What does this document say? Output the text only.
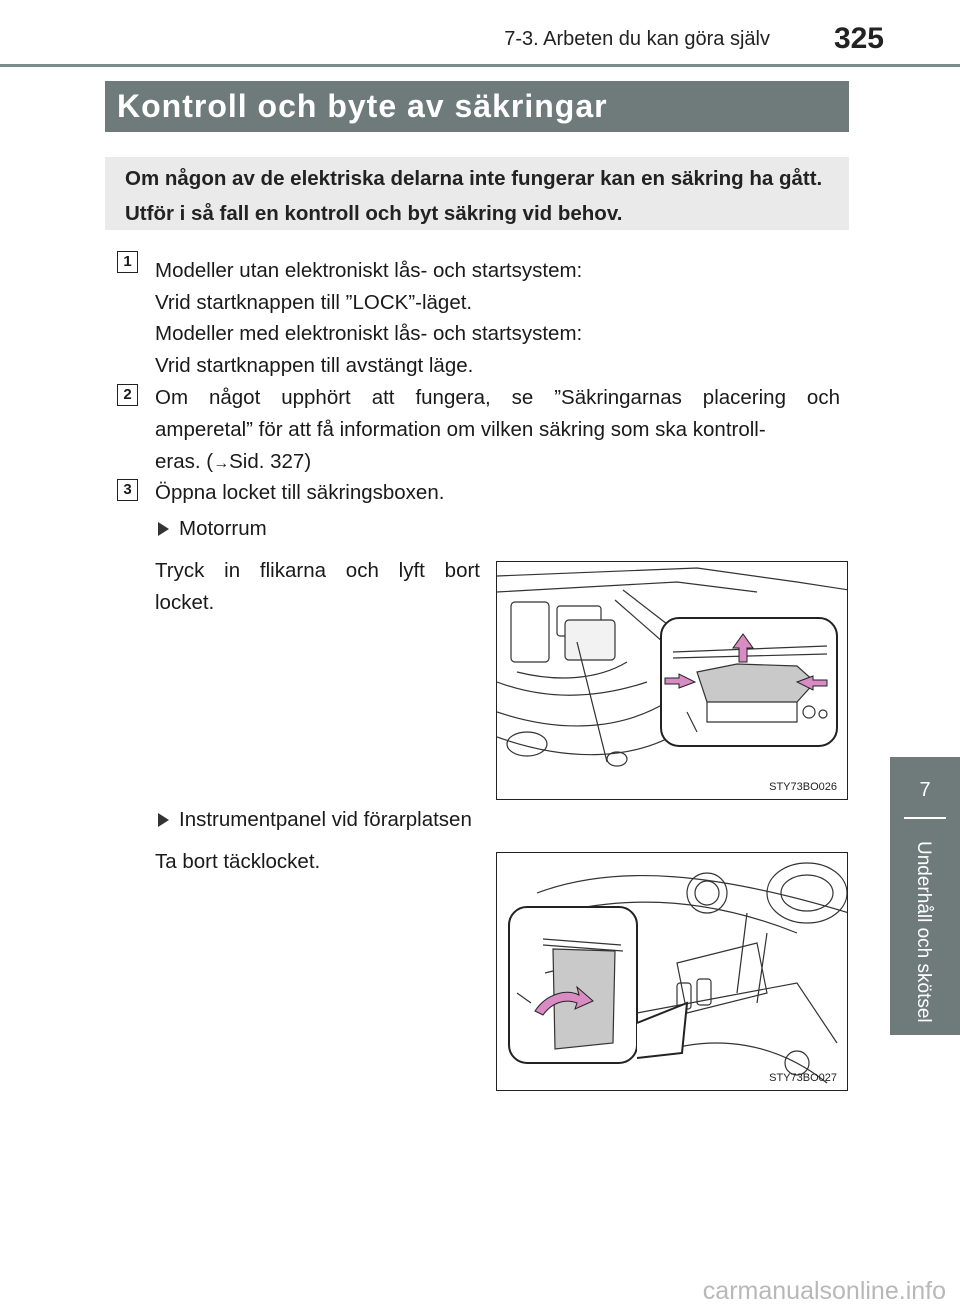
7-3. Arbeten du kan göra själv 325
Kontroll och byte av säkringar
Om någon av de elektriska delarna inte fungerar kan en säkring ha gått. Utför i så fall en kontroll och byt säkring vid behov.
1	Modeller utan elektroniskt lås- och startsystem:
Vrid startknappen till ”LOCK”-läget.
Modeller med elektroniskt lås- och startsystem:
Vrid startknappen till avstängt läge.
2	Om något upphört att fungera, se ”Säkringarnas placering och
amperetal” för att få information om vilken säkring som ska kontroll-
eras. (→Sid. 327)
3	Öppna locket till säkringsboxen.
Motorrum
Tryck in flikarna och lyft bort
locket.
STY73BO026
Instrumentpanel vid förarplatsen
Ta bort täcklocket.
STY73BO027
7
Underhåll och skötsel
carmanualsonline.info
